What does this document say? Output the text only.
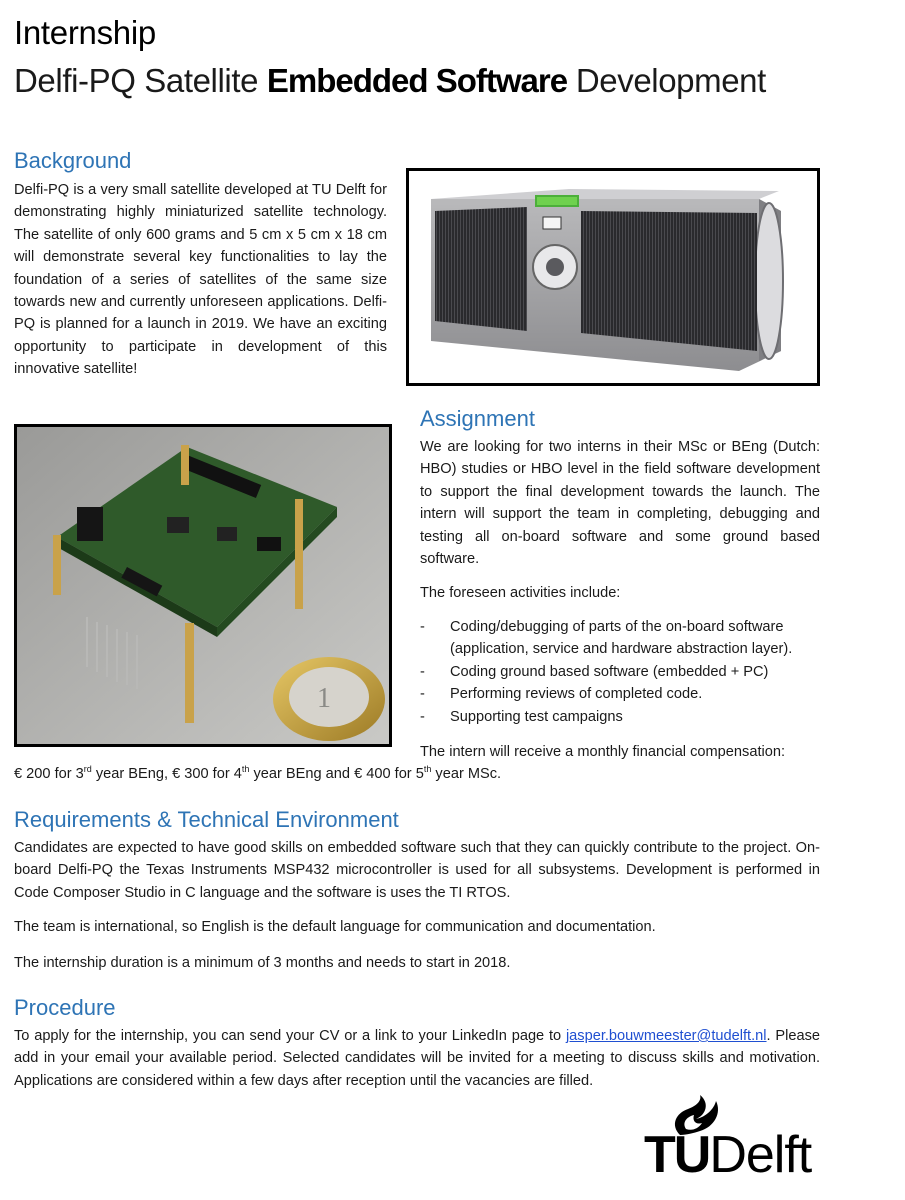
Internship
Delfi-PQ Satellite Embedded Software Development
Background
Delfi-PQ is a very small satellite developed at TU Delft for demonstrating highly miniaturized satellite technology. The satellite of only 600 grams and 5 cm x 5 cm x 18 cm will demonstrate several key functionalities to lay the foundation of a series of satellites of the same size towards new and currently unforeseen applications. Delfi-PQ is planned for a launch in 2019. We have an exciting opportunity to participate in development of this innovative satellite!
1
Assignment
We are looking for two interns in their MSc or BEng (Dutch: HBO) studies or HBO level in the field software development to support the final development towards the launch. The intern will support the team in completing, debugging and testing all on-board software and some ground based software.
The foreseen activities include:
- Coding/debugging of parts of the on-board software (application, service and hardware abstraction layer).
- Coding ground based software (embedded + PC)
- Performing reviews of completed code.
- Supporting test campaigns
The intern will receive a monthly financial compensation:
€ 200 for 3rd year BEng, € 300 for 4th year BEng and € 400 for 5th year MSc.
Requirements & Technical Environment
Candidates are expected to have good skills on embedded software such that they can quickly contribute to the project. On-board Delfi-PQ the Texas Instruments MSP432 microcontroller is used for all subsystems. Development is performed in Code Composer Studio in C language and the software is uses the TI RTOS.
The team is international, so English is the default language for communication and documentation.
The internship duration is a minimum of 3 months and needs to start in 2018.
Procedure
To apply for the internship, you can send your CV or a link to your LinkedIn page to jasper.bouwmeester@tudelft.nl. Please add in your email your available period. Selected candidates will be invited for a meeting to discuss skills and motivation. Applications are considered within a few days after reception until the vacancies are filled.
TUDelft
